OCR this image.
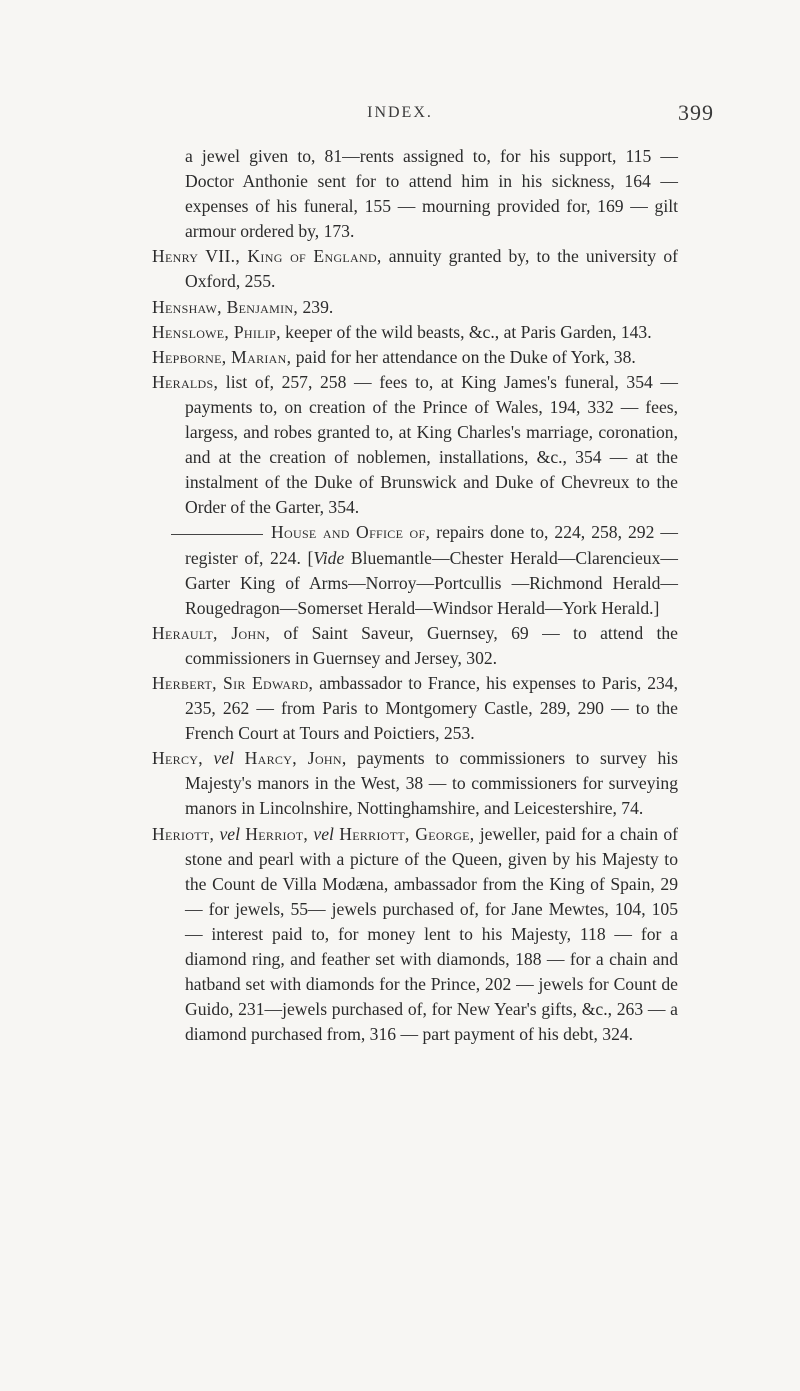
INDEX.	399

a jewel given to, 81—rents assigned to, for his support, 115 — Doctor Anthonie sent for to attend him in his sickness, 164 — expenses of his funeral, 155 — mourning provided for, 169 — gilt armour ordered by, 173.

Henry VII., King of England, annuity granted by, to the university of Oxford, 255.

Henshaw, Benjamin, 239.

Henslowe, Philip, keeper of the wild beasts, &c., at Paris Garden, 143.

Hepborne, Marian, paid for her attendance on the Duke of York, 38.

Heralds, list of, 257, 258 — fees to, at King James's funeral, 354 — payments to, on creation of the Prince of Wales, 194, 332 — fees, largess, and robes granted to, at King Charles's marriage, coronation, and at the creation of noblemen, installations, &c., 354 — at the instalment of the Duke of Brunswick and Duke of Chevreux to the Order of the Garter, 354.

House and Office of, repairs done to, 224, 258, 292 — register of, 224. [Vide Bluemantle—Chester Herald—Clarencieux—Garter King of Arms—Norroy—Portcullis —Richmond Herald—Rougedragon—Somerset Herald—Windsor Herald—York Herald.]

Herault, John, of Saint Saveur, Guernsey, 69 — to attend the commissioners in Guernsey and Jersey, 302.

Herbert, Sir Edward, ambassador to France, his expenses to Paris, 234, 235, 262 — from Paris to Montgomery Castle, 289, 290 — to the French Court at Tours and Poictiers, 253.

Hercy, vel Harcy, John, payments to commissioners to survey his Majesty's manors in the West, 38 — to commissioners for surveying manors in Lincolnshire, Nottinghamshire, and Leicestershire, 74.

Heriott, vel Herriot, vel Herriott, George, jeweller, paid for a chain of stone and pearl with a picture of the Queen, given by his Majesty to the Count de Villa Modæna, ambassador from the King of Spain, 29 — for jewels, 55— jewels purchased of, for Jane Mewtes, 104, 105 — interest paid to, for money lent to his Majesty, 118 — for a diamond ring, and feather set with diamonds, 188 — for a chain and hatband set with diamonds for the Prince, 202 — jewels for Count de Guido, 231—jewels purchased of, for New Year's gifts, &c., 263 — a diamond purchased from, 316 — part payment of his debt, 324.
